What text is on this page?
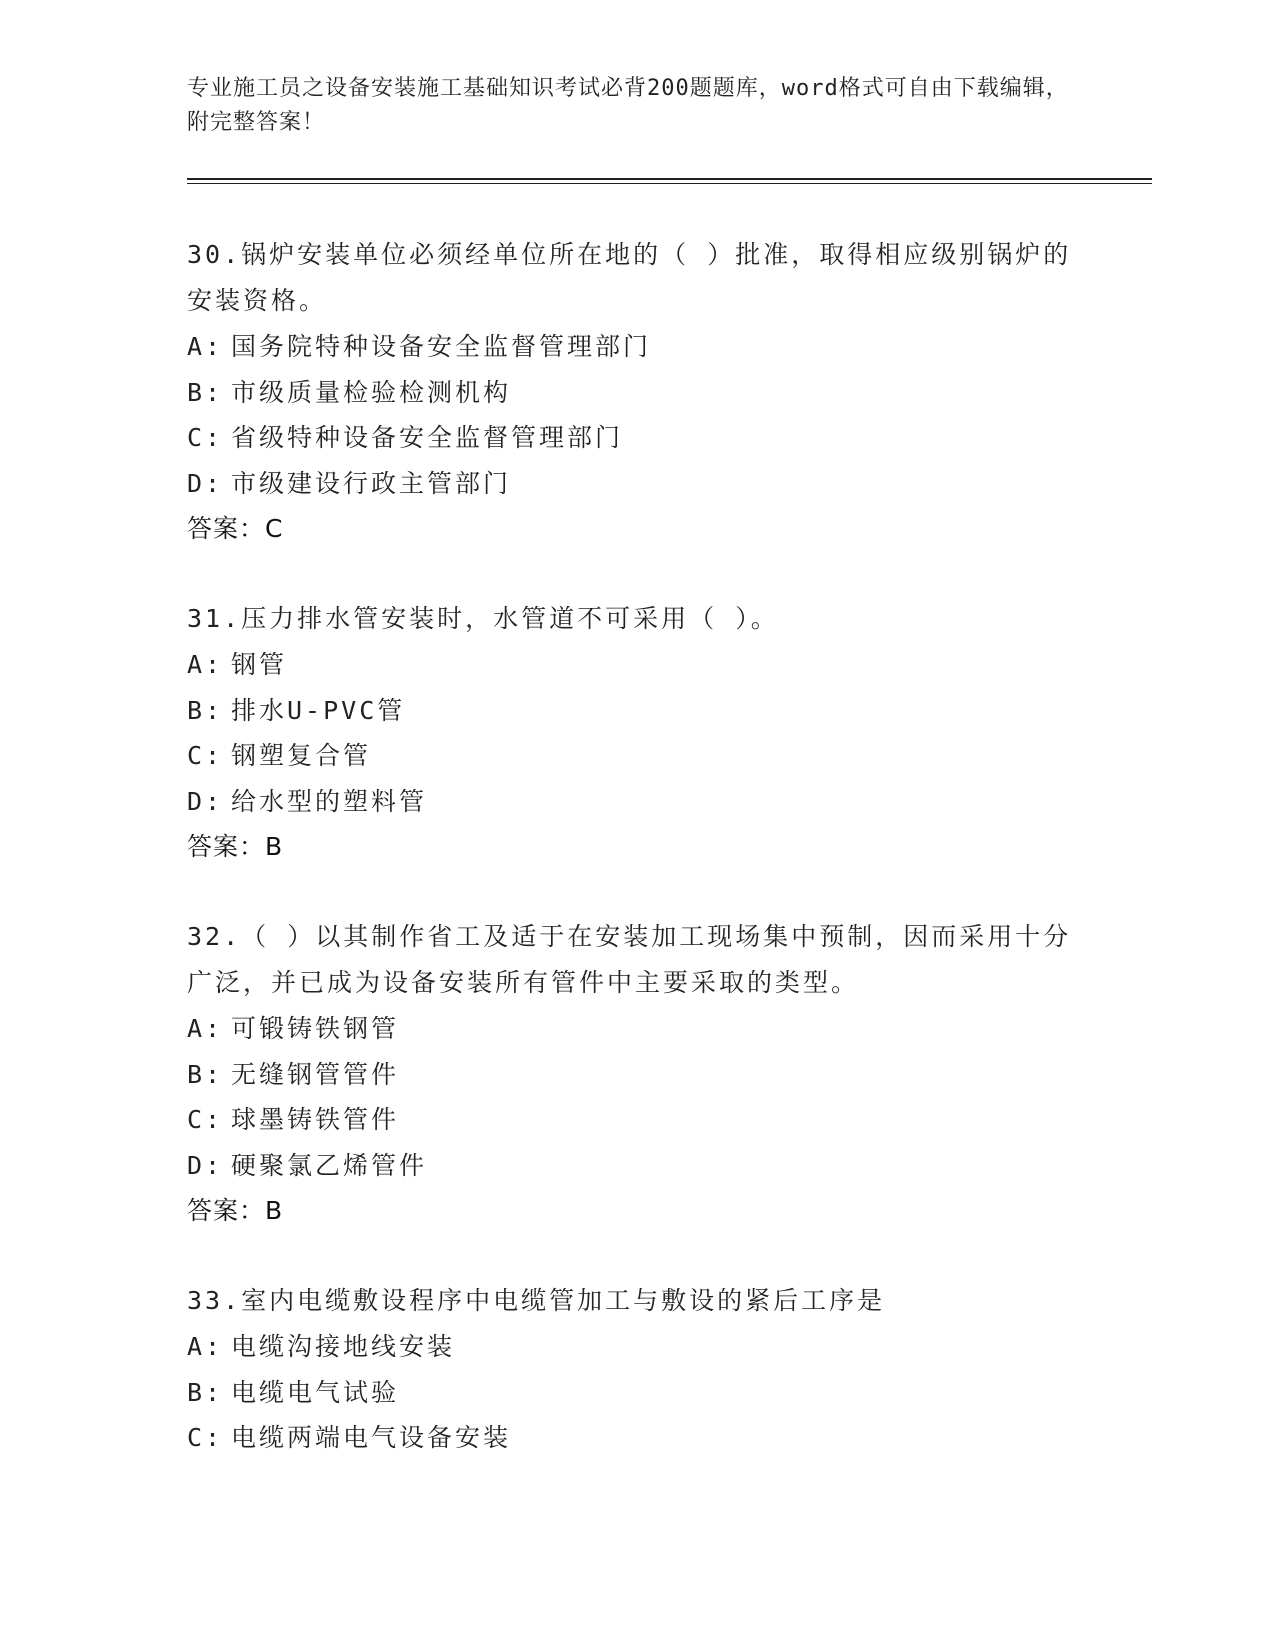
专业施工员之设备安装施工基础知识考试必背200题题库，word格式可自由下载编辑，附完整答案！
30.锅炉安装单位必须经单位所在地的（ ）批准，取得相应级别锅炉的安装资格。
A: 国务院特种设备安全监督管理部门
B: 市级质量检验检测机构
C: 省级特种设备安全监督管理部门
D: 市级建设行政主管部门
答案：C
31.压力排水管安装时，水管道不可采用（ ）。
A: 钢管
B: 排水U-PVC管
C: 钢塑复合管
D: 给水型的塑料管
答案：B
32.（ ）以其制作省工及适于在安装加工现场集中预制，因而采用十分广泛，并已成为设备安装所有管件中主要采取的类型。
A: 可锻铸铁钢管
B: 无缝钢管管件
C: 球墨铸铁管件
D: 硬聚氯乙烯管件
答案：B
33.室内电缆敷设程序中电缆管加工与敷设的紧后工序是
A: 电缆沟接地线安装
B: 电缆电气试验
C: 电缆两端电气设备安装
